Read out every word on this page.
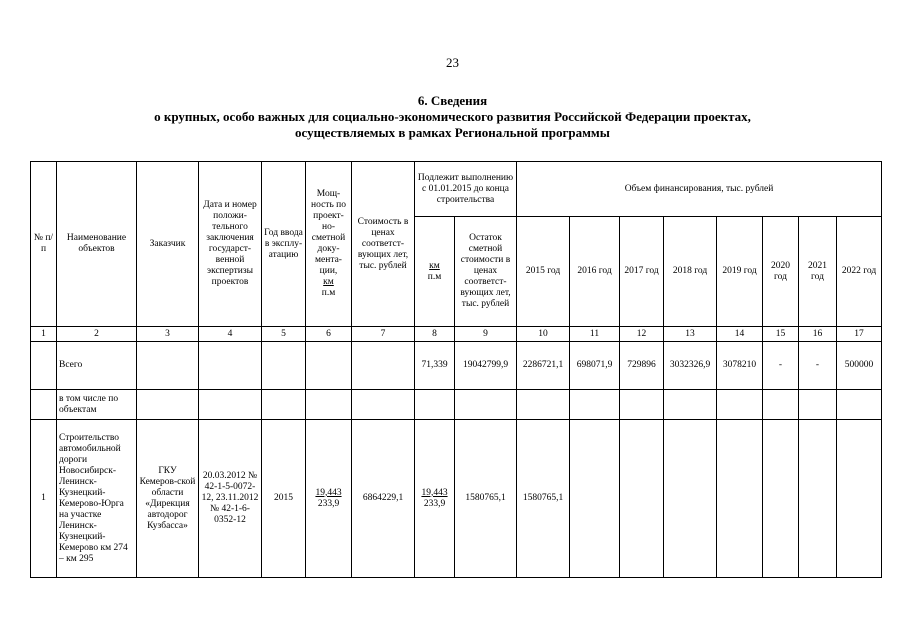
23
6. Сведения
о крупных, особо важных для социально-экономического развития Российской Федерации проектах,
осуществляемых в рамках Региональной программы
№ п/п	Наименование объектов	Заказчик	Дата и номер положи-тельного заключения государст-венной экспертизы проектов	Год ввода в эксплу-атацию	Мощ-ность по проект-но-сметной доку-мента-ции,
км
п.м	Стоимость в ценах соответст-вующих лет, тыс. рублей	Подлежит выполнению с 01.01.2015 до конца строительства		Объем финансирования, тыс. рублей							
							км
п.м	Остаток сметной стоимости в ценах соответст-вующих лет, тыс. рублей	2015 год	2016 год	2017 год	2018 год	2019 год	2020 год	2021 год	2022 год
1	2	3	4	5	6	7	8	9	10	11	12	13	14	15	16	17
	Всего						71,339	19042799,9	2286721,1	698071,9	729896	3032326,9	3078210	-	-	500000
	в том числе по объектам															
1	Строительство автомобильной дороги Новосибирск-Ленинск-Кузнецкий-Кемерово-Юрга на участке Ленинск-Кузнецкий-Кемерово км 274 – км 295	ГКУ Кемеров-ской области «Дирекция автодорог Кузбасса»	20.03.2012 № 42-1-5-0072-12, 23.11.2012 № 42-1-6-0352-12	2015	19,443
233,9	6864229,1	19,443
233,9	1580765,1	1580765,1							
